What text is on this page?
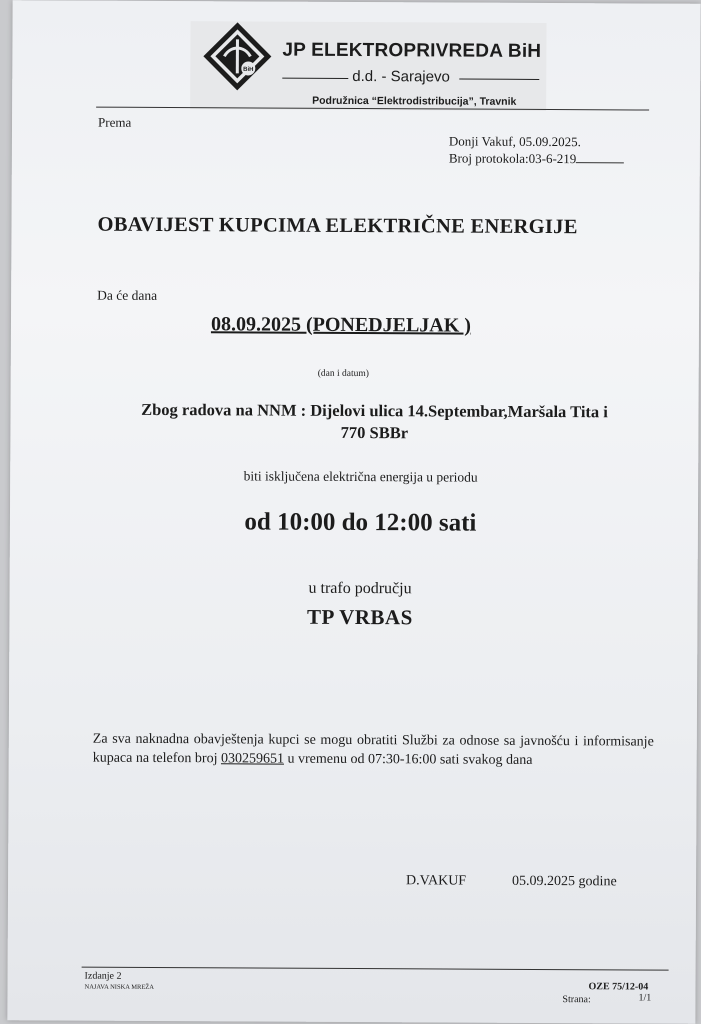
BiH
JP ELEKTROPRIVREDA BiH
d.d. - Sarajevo
Podružnica “Elektrodistribucija”, Travnik
Prema
Donji Vakuf, 05.09.2025.
Broj protokola:03-6-219
OBAVIJEST KUPCIMA ELEKTRIČNE ENERGIJE
Da će dana
08.09.2025 (PONEDJELJAK )
(dan i datum)
Zbog radova na NNM : Dijelovi ulica 14.Septembar,Maršala Tita i
770 SBBr
biti isključena električna energija u periodu
od 10:00 do 12:00 sati
u trafo području
TP VRBAS
Za sva naknadna obavještenja kupci se mogu obratiti Službi za odnose sa javnošću i informisanje kupaca na telefon broj 030259651 u vremenu od 07:30-16:00 sati svakog dana
D.VAKUF	05.09.2025 godine
Izdanje 2
NAJAVA NISKA MREŽA	OZE 75/12-04
Strana:	1/1
